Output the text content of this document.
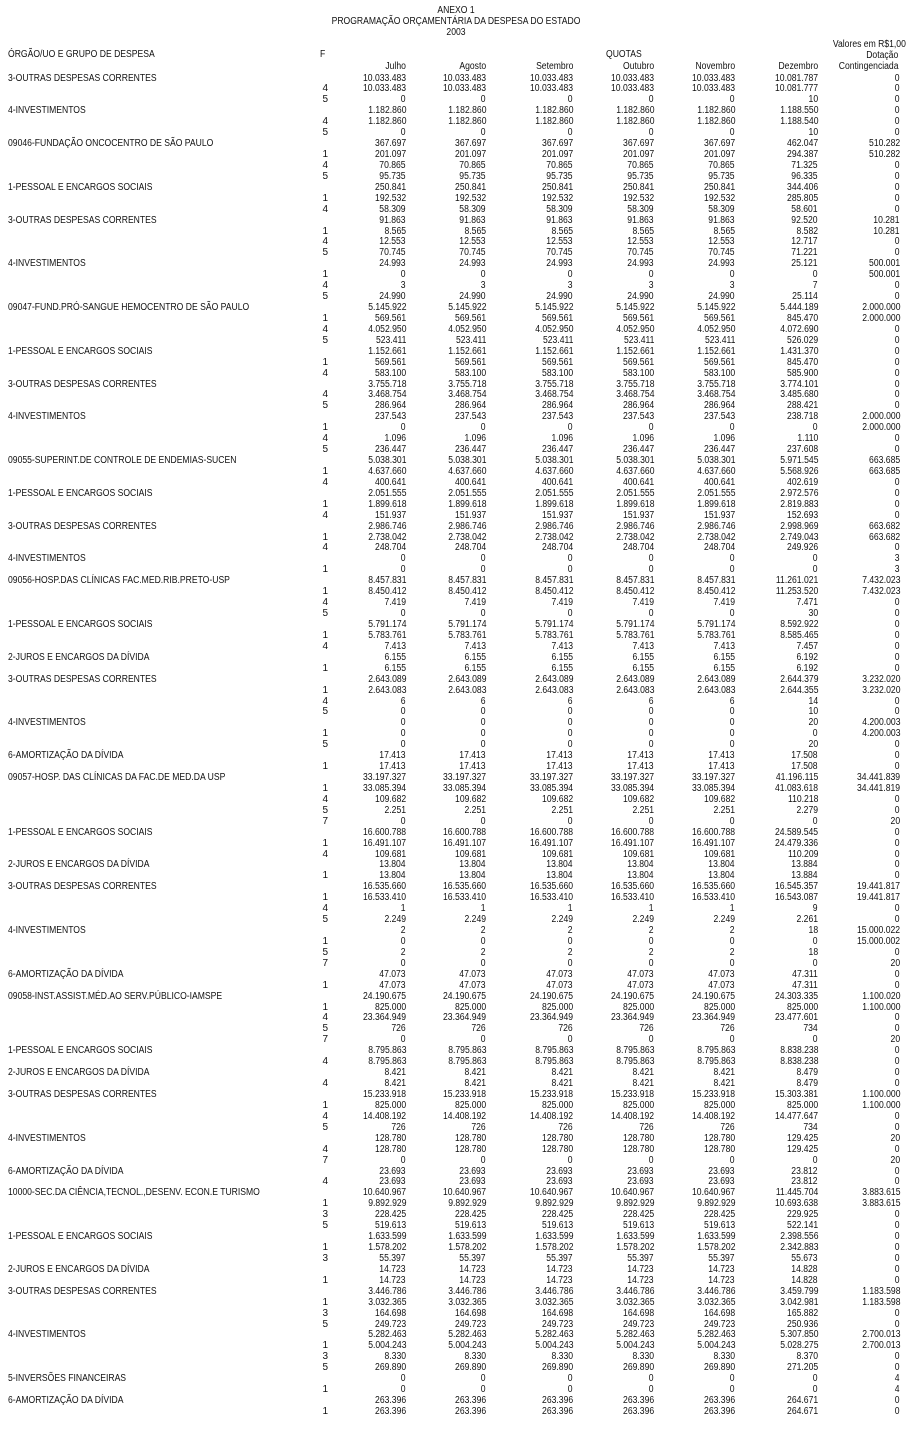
ANEXO 1
PROGRAMAÇÃO ORÇAMENTÁRIA DA DESPESA DO ESTADO
2003
ÓRGÃO/UO E GRUPO DE DESPESA	F	QUOTAS
Valores em R$1,00
Dotação
Contingenciada
Julho	Agosto	Setembro	Outubro	Novembro	Dezembro
3-OUTRAS DESPESAS CORRENTES	10.033.483	10.033.483	10.033.483	10.033.483	10.033.483	10.081.787	0
4	10.033.483	10.033.483	10.033.483	10.033.483	10.033.483	10.081.777	0
5	0	0	0	0	0	10	0
4-INVESTIMENTOS	1.182.860	1.182.860	1.182.860	1.182.860	1.182.860	1.188.550	0
4	1.182.860	1.182.860	1.182.860	1.182.860	1.182.860	1.188.540	0
5	0	0	0	0	0	10	0
09046-FUNDAÇÃO ONCOCENTRO DE SÃO PAULO	367.697	367.697	367.697	367.697	367.697	462.047	510.282
1	201.097	201.097	201.097	201.097	201.097	294.387	510.282
4	70.865	70.865	70.865	70.865	70.865	71.325	0
5	95.735	95.735	95.735	95.735	95.735	96.335	0
1-PESSOAL E ENCARGOS SOCIAIS	250.841	250.841	250.841	250.841	250.841	344.406	0
1	192.532	192.532	192.532	192.532	192.532	285.805	0
4	58.309	58.309	58.309	58.309	58.309	58.601	0
3-OUTRAS DESPESAS CORRENTES	91.863	91.863	91.863	91.863	91.863	92.520	10.281
1	8.565	8.565	8.565	8.565	8.565	8.582	10.281
4	12.553	12.553	12.553	12.553	12.553	12.717	0
5	70.745	70.745	70.745	70.745	70.745	71.221	0
4-INVESTIMENTOS	24.993	24.993	24.993	24.993	24.993	25.121	500.001
1	0	0	0	0	0	0	500.001
4	3	3	3	3	3	7	0
5	24.990	24.990	24.990	24.990	24.990	25.114	0
09047-FUND.PRÓ-SANGUE HEMOCENTRO DE SÃO PAULO	5.145.922	5.145.922	5.145.922	5.145.922	5.145.922	5.444.189	2.000.000
1	569.561	569.561	569.561	569.561	569.561	845.470	2.000.000
4	4.052.950	4.052.950	4.052.950	4.052.950	4.052.950	4.072.690	0
5	523.411	523.411	523.411	523.411	523.411	526.029	0
1-PESSOAL E ENCARGOS SOCIAIS	1.152.661	1.152.661	1.152.661	1.152.661	1.152.661	1.431.370	0
1	569.561	569.561	569.561	569.561	569.561	845.470	0
4	583.100	583.100	583.100	583.100	583.100	585.900	0
3-OUTRAS DESPESAS CORRENTES	3.755.718	3.755.718	3.755.718	3.755.718	3.755.718	3.774.101	0
4	3.468.754	3.468.754	3.468.754	3.468.754	3.468.754	3.485.680	0
5	286.964	286.964	286.964	286.964	286.964	288.421	0
4-INVESTIMENTOS	237.543	237.543	237.543	237.543	237.543	238.718	2.000.000
1	0	0	0	0	0	0	2.000.000
4	1.096	1.096	1.096	1.096	1.096	1.110	0
5	236.447	236.447	236.447	236.447	236.447	237.608	0
09055-SUPERINT.DE CONTROLE DE ENDEMIAS-SUCEN	5.038.301	5.038.301	5.038.301	5.038.301	5.038.301	5.971.545	663.685
1	4.637.660	4.637.660	4.637.660	4.637.660	4.637.660	5.568.926	663.685
4	400.641	400.641	400.641	400.641	400.641	402.619	0
1-PESSOAL E ENCARGOS SOCIAIS	2.051.555	2.051.555	2.051.555	2.051.555	2.051.555	2.972.576	0
1	1.899.618	1.899.618	1.899.618	1.899.618	1.899.618	2.819.883	0
4	151.937	151.937	151.937	151.937	151.937	152.693	0
3-OUTRAS DESPESAS CORRENTES	2.986.746	2.986.746	2.986.746	2.986.746	2.986.746	2.998.969	663.682
1	2.738.042	2.738.042	2.738.042	2.738.042	2.738.042	2.749.043	663.682
4	248.704	248.704	248.704	248.704	248.704	249.926	0
4-INVESTIMENTOS	0	0	0	0	0	0	3
1	0	0	0	0	0	0	3
09056-HOSP.DAS CLÍNICAS FAC.MED.RIB.PRETO-USP	8.457.831	8.457.831	8.457.831	8.457.831	8.457.831	11.261.021	7.432.023
1	8.450.412	8.450.412	8.450.412	8.450.412	8.450.412	11.253.520	7.432.023
4	7.419	7.419	7.419	7.419	7.419	7.471	0
5	0	0	0	0	0	30	0
1-PESSOAL E ENCARGOS SOCIAIS	5.791.174	5.791.174	5.791.174	5.791.174	5.791.174	8.592.922	0
1	5.783.761	5.783.761	5.783.761	5.783.761	5.783.761	8.585.465	0
4	7.413	7.413	7.413	7.413	7.413	7.457	0
2-JUROS E ENCARGOS DA DÍVIDA	6.155	6.155	6.155	6.155	6.155	6.192	0
1	6.155	6.155	6.155	6.155	6.155	6.192	0
3-OUTRAS DESPESAS CORRENTES	2.643.089	2.643.089	2.643.089	2.643.089	2.643.089	2.644.379	3.232.020
1	2.643.083	2.643.083	2.643.083	2.643.083	2.643.083	2.644.355	3.232.020
4	6	6	6	6	6	14	0
5	0	0	0	0	0	10	0
4-INVESTIMENTOS	0	0	0	0	0	20	4.200.003
1	0	0	0	0	0	0	4.200.003
5	0	0	0	0	0	20	0
6-AMORTIZAÇÃO DA DÍVIDA	17.413	17.413	17.413	17.413	17.413	17.508	0
1	17.413	17.413	17.413	17.413	17.413	17.508	0
09057-HOSP. DAS CLÍNICAS DA FAC.DE MED.DA USP	33.197.327	33.197.327	33.197.327	33.197.327	33.197.327	41.196.115	34.441.839
1	33.085.394	33.085.394	33.085.394	33.085.394	33.085.394	41.083.618	34.441.819
4	109.682	109.682	109.682	109.682	109.682	110.218	0
5	2.251	2.251	2.251	2.251	2.251	2.279	0
7	0	0	0	0	0	0	20
1-PESSOAL E ENCARGOS SOCIAIS	16.600.788	16.600.788	16.600.788	16.600.788	16.600.788	24.589.545	0
1	16.491.107	16.491.107	16.491.107	16.491.107	16.491.107	24.479.336	0
4	109.681	109.681	109.681	109.681	109.681	110.209	0
2-JUROS E ENCARGOS DA DÍVIDA	13.804	13.804	13.804	13.804	13.804	13.884	0
1	13.804	13.804	13.804	13.804	13.804	13.884	0
3-OUTRAS DESPESAS CORRENTES	16.535.660	16.535.660	16.535.660	16.535.660	16.535.660	16.545.357	19.441.817
1	16.533.410	16.533.410	16.533.410	16.533.410	16.533.410	16.543.087	19.441.817
4	1	1	1	1	1	9	0
5	2.249	2.249	2.249	2.249	2.249	2.261	0
4-INVESTIMENTOS	2	2	2	2	2	18	15.000.022
1	0	0	0	0	0	0	15.000.002
5	2	2	2	2	2	18	0
7	0	0	0	0	0	0	20
6-AMORTIZAÇÃO DA DÍVIDA	47.073	47.073	47.073	47.073	47.073	47.311	0
1	47.073	47.073	47.073	47.073	47.073	47.311	0
09058-INST.ASSIST.MÉD.AO SERV.PÚBLICO-IAMSPE	24.190.675	24.190.675	24.190.675	24.190.675	24.190.675	24.303.335	1.100.020
1	825.000	825.000	825.000	825.000	825.000	825.000	1.100.000
4	23.364.949	23.364.949	23.364.949	23.364.949	23.364.949	23.477.601	0
5	726	726	726	726	726	734	0
7	0	0	0	0	0	0	20
1-PESSOAL E ENCARGOS SOCIAIS	8.795.863	8.795.863	8.795.863	8.795.863	8.795.863	8.838.238	0
4	8.795.863	8.795.863	8.795.863	8.795.863	8.795.863	8.838.238	0
2-JUROS E ENCARGOS DA DÍVIDA	8.421	8.421	8.421	8.421	8.421	8.479	0
4	8.421	8.421	8.421	8.421	8.421	8.479	0
3-OUTRAS DESPESAS CORRENTES	15.233.918	15.233.918	15.233.918	15.233.918	15.233.918	15.303.381	1.100.000
1	825.000	825.000	825.000	825.000	825.000	825.000	1.100.000
4	14.408.192	14.408.192	14.408.192	14.408.192	14.408.192	14.477.647	0
5	726	726	726	726	726	734	0
4-INVESTIMENTOS	128.780	128.780	128.780	128.780	128.780	129.425	20
4	128.780	128.780	128.780	128.780	128.780	129.425	0
7	0	0	0	0	0	0	20
6-AMORTIZAÇÃO DA DÍVIDA	23.693	23.693	23.693	23.693	23.693	23.812	0
4	23.693	23.693	23.693	23.693	23.693	23.812	0
10000-SEC.DA CIÊNCIA,TECNOL.,DESENV. ECON.E TURISMO	10.640.967	10.640.967	10.640.967	10.640.967	10.640.967	11.445.704	3.883.615
1	9.892.929	9.892.929	9.892.929	9.892.929	9.892.929	10.693.638	3.883.615
3	228.425	228.425	228.425	228.425	228.425	229.925	0
5	519.613	519.613	519.613	519.613	519.613	522.141	0
1-PESSOAL E ENCARGOS SOCIAIS	1.633.599	1.633.599	1.633.599	1.633.599	1.633.599	2.398.556	0
1	1.578.202	1.578.202	1.578.202	1.578.202	1.578.202	2.342.883	0
3	55.397	55.397	55.397	55.397	55.397	55.673	0
2-JUROS E ENCARGOS DA DÍVIDA	14.723	14.723	14.723	14.723	14.723	14.828	0
1	14.723	14.723	14.723	14.723	14.723	14.828	0
3-OUTRAS DESPESAS CORRENTES	3.446.786	3.446.786	3.446.786	3.446.786	3.446.786	3.459.799	1.183.598
1	3.032.365	3.032.365	3.032.365	3.032.365	3.032.365	3.042.981	1.183.598
3	164.698	164.698	164.698	164.698	164.698	165.882	0
5	249.723	249.723	249.723	249.723	249.723	250.936	0
4-INVESTIMENTOS	5.282.463	5.282.463	5.282.463	5.282.463	5.282.463	5.307.850	2.700.013
1	5.004.243	5.004.243	5.004.243	5.004.243	5.004.243	5.028.275	2.700.013
3	8.330	8.330	8.330	8.330	8.330	8.370	0
5	269.890	269.890	269.890	269.890	269.890	271.205	0
5-INVERSÕES FINANCEIRAS	0	0	0	0	0	0	4
1	0	0	0	0	0	0	4
6-AMORTIZAÇÃO DA DÍVIDA	263.396	263.396	263.396	263.396	263.396	264.671	0
1	263.396	263.396	263.396	263.396	263.396	264.671	0
